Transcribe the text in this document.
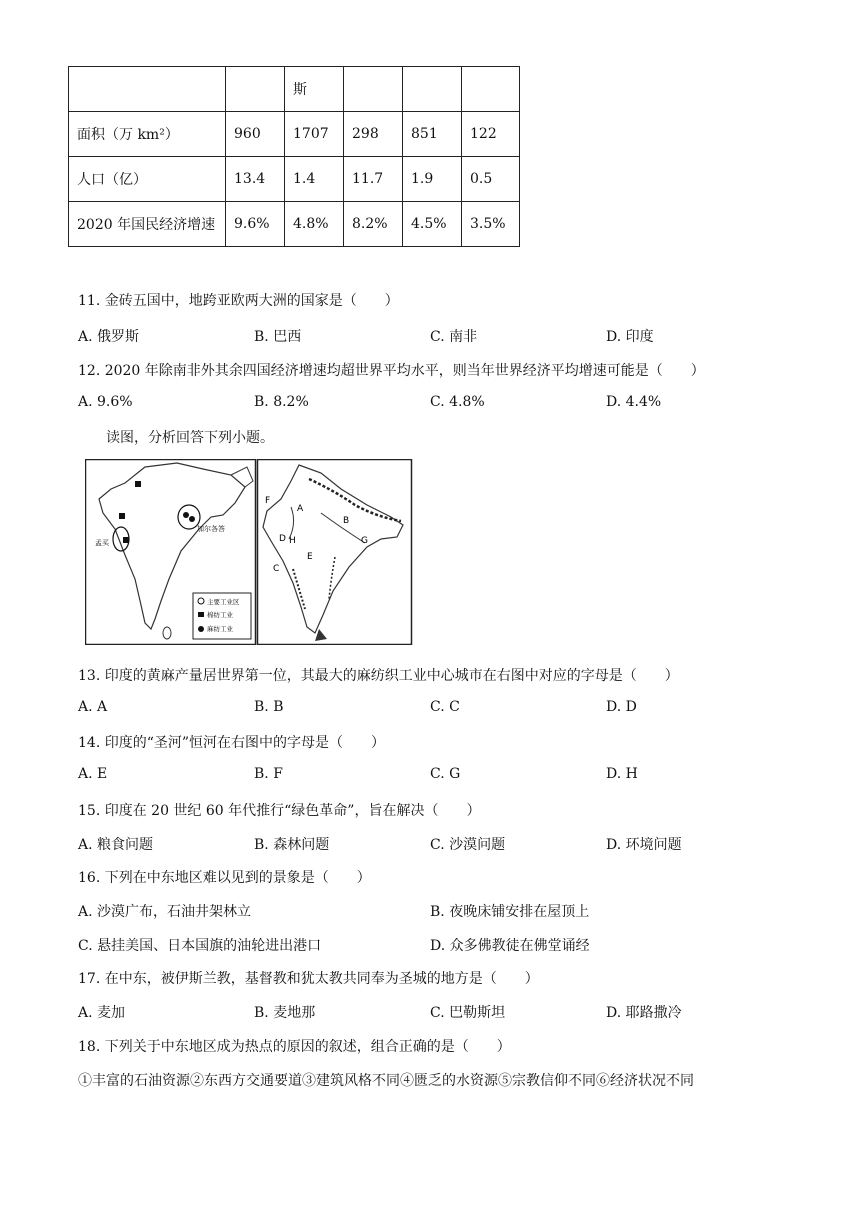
		斯			
面积（万 km²）	960	1707	298	851	122
人口（亿）	13.4	1.4	11.7	1.9	0.5
2020 年国民经济增速	9.6%	4.8%	8.2%	4.5%	3.5%
11. 金砖五国中，地跨亚欧两大洲的国家是（　　）
A. 俄罗斯	B. 巴西	C. 南非	D. 印度
12. 2020 年除南非外其余四国经济增速均超世界平均水平，则当年世界经济平均增速可能是（　　）
A. 9.6%	B. 8.2%	C. 4.8%	D. 4.4%
读图，分析回答下列小题。
加尔各答
孟买
主要工业区
棉纺工业
麻纺工业
F
A
B
G
D H
E
C
13. 印度的黄麻产量居世界第一位，其最大的麻纺织工业中心城市在右图中对应的字母是（　　）
A. A	B. B	C. C	D. D
14. 印度的“圣河”恒河在右图中的字母是（　　）
A. E	B. F	C. G	D. H
15. 印度在 20 世纪 60 年代推行“绿色革命”，旨在解决（　　）
A. 粮食问题	B. 森林问题	C. 沙漠问题	D. 环境问题
16. 下列在中东地区难以见到的景象是（　　）
A. 沙漠广布，石油井架林立	B. 夜晚床铺安排在屋顶上
C. 悬挂美国、日本国旗的油轮进出港口	D. 众多佛教徒在佛堂诵经
17. 在中东，被伊斯兰教，基督教和犹太教共同奉为圣城的地方是（　　）
A. 麦加	B. 麦地那	C. 巴勒斯坦	D. 耶路撒冷
18. 下列关于中东地区成为热点的原因的叙述，组合正确的是（　　）
①丰富的石油资源②东西方交通要道③建筑风格不同④匮乏的水资源⑤宗教信仰不同⑥经济状况不同
